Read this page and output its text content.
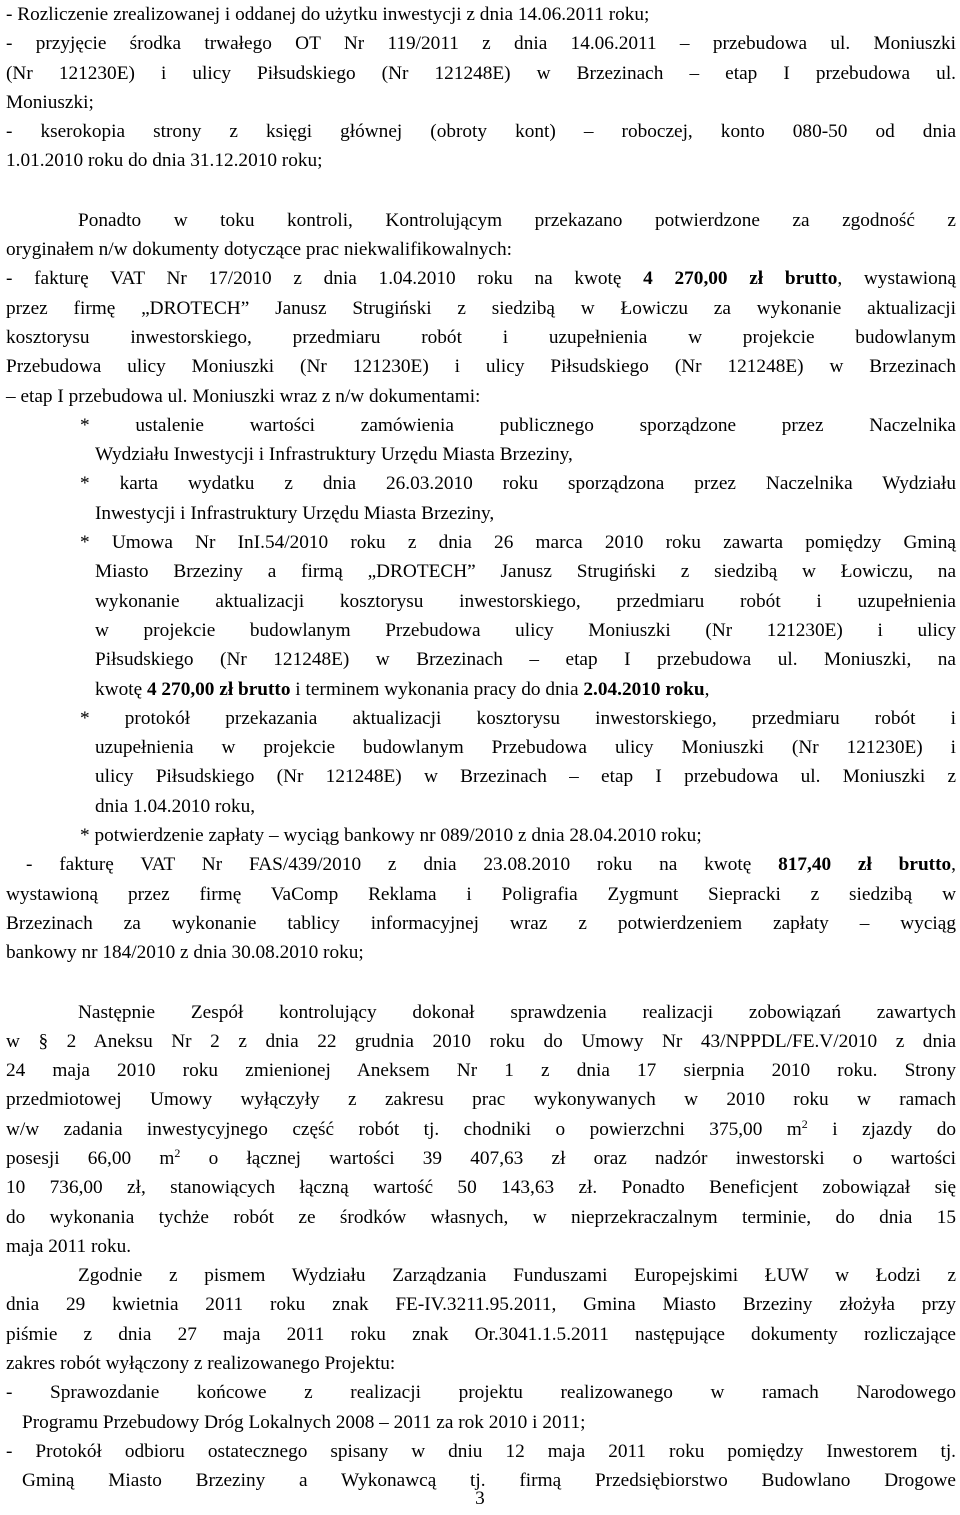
- Rozliczenie zrealizowanej i oddanej do użytku inwestycji z dnia 14.06.2011 roku;

- przyjęcie środka trwałego OT Nr 119/2011 z dnia 14.06.2011 – przebudowa ul. Moniuszki

(Nr 121230E) i ulicy Piłsudskiego (Nr 121248E) w Brzezinach – etap I przebudowa ul.

Moniuszki;

- kserokopia strony z księgi głównej (obroty kont) – roboczej, konto 080-50 od dnia

1.01.2010 roku do dnia 31.12.2010 roku;

Ponadto w toku kontroli, Kontrolującym przekazano potwierdzone za zgodność z

oryginałem n/w dokumenty dotyczące prac niekwalifikowalnych:

- fakturę VAT Nr 17/2010 z dnia 1.04.2010 roku na kwotę 4 270,00 zł brutto, wystawioną

przez firmę „DROTECH” Janusz Strugiński z siedzibą w Łowiczu za wykonanie aktualizacji

kosztorysu inwestorskiego, przedmiaru robót i uzupełnienia w projekcie budowlanym

Przebudowa ulicy Moniuszki (Nr 121230E) i ulicy Piłsudskiego (Nr 121248E) w Brzezinach

– etap I przebudowa ul. Moniuszki wraz z n/w dokumentami:

* ustalenie wartości zamówienia publicznego sporządzone przez Naczelnika

Wydziału Inwestycji i Infrastruktury Urzędu Miasta Brzeziny,

* karta wydatku z dnia 26.03.2010 roku sporządzona przez Naczelnika Wydziału

Inwestycji i Infrastruktury Urzędu Miasta Brzeziny,

* Umowa Nr InI.54/2010 roku z dnia 26 marca 2010 roku zawarta pomiędzy Gminą

Miasto Brzeziny a firmą „DROTECH” Janusz Strugiński z siedzibą w Łowiczu, na

wykonanie aktualizacji kosztorysu inwestorskiego, przedmiaru robót i uzupełnienia

w projekcie budowlanym Przebudowa ulicy Moniuszki (Nr 121230E) i ulicy

Piłsudskiego (Nr 121248E) w Brzezinach – etap I przebudowa ul. Moniuszki, na

kwotę 4 270,00 zł brutto i terminem wykonania pracy do dnia 2.04.2010 roku,

* protokół przekazania aktualizacji kosztorysu inwestorskiego, przedmiaru robót i

uzupełnienia w projekcie budowlanym Przebudowa ulicy Moniuszki (Nr 121230E) i

ulicy Piłsudskiego (Nr 121248E) w Brzezinach – etap I przebudowa ul. Moniuszki z

dnia 1.04.2010 roku,

* potwierdzenie zapłaty – wyciąg bankowy nr 089/2010 z dnia 28.04.2010 roku;

- fakturę VAT Nr FAS/439/2010 z dnia 23.08.2010 roku na kwotę 817,40 zł brutto,

wystawioną przez firmę VaComp Reklama i Poligrafia Zygmunt Siepracki z siedzibą w

Brzezinach za wykonanie tablicy informacyjnej wraz z potwierdzeniem zapłaty – wyciąg

bankowy nr 184/2010 z dnia 30.08.2010 roku;

Następnie Zespół kontrolujący dokonał sprawdzenia realizacji zobowiązań zawartych

w § 2 Aneksu Nr 2 z dnia 22 grudnia 2010 roku do Umowy Nr 43/NPPDL/FE.V/2010 z dnia

24 maja 2010 roku zmienionej Aneksem Nr 1 z dnia 17 sierpnia 2010 roku. Strony

przedmiotowej Umowy wyłączyły z zakresu prac wykonywanych w 2010 roku w ramach

w/w zadania inwestycyjnego część robót tj. chodniki o powierzchni 375,00 $m^2$ i zjazdy do

posesji 66,00 $m^2$ o łącznej wartości 39 407,63 zł oraz nadzór inwestorski o wartości

10 736,00 zł, stanowiących łączną wartość 50 143,63 zł. Ponadto Beneficjent zobowiązał się

do wykonania tychże robót ze środków własnych, w nieprzekraczalnym terminie, do dnia 15

maja 2011 roku.

Zgodnie z pismem Wydziału Zarządzania Funduszami Europejskimi ŁUW w Łodzi z

dnia 29 kwietnia 2011 roku znak FE-IV.3211.95.2011, Gmina Miasto Brzeziny złożyła przy

piśmie z dnia 27 maja 2011 roku znak Or.3041.1.5.2011 następujące dokumenty rozliczające

zakres robót wyłączony z realizowanego Projektu:

- Sprawozdanie końcowe z realizacji projektu realizowanego w ramach Narodowego

Programu Przebudowy Dróg Lokalnych 2008 – 2011 za rok 2010 i 2011;

- Protokół odbioru ostatecznego spisany w dniu 12 maja 2011 roku pomiędzy Inwestorem tj.

Gminą Miasto Brzeziny a Wykonawcą tj. firmą Przedsiębiorstwo Budowlano Drogowe

3
